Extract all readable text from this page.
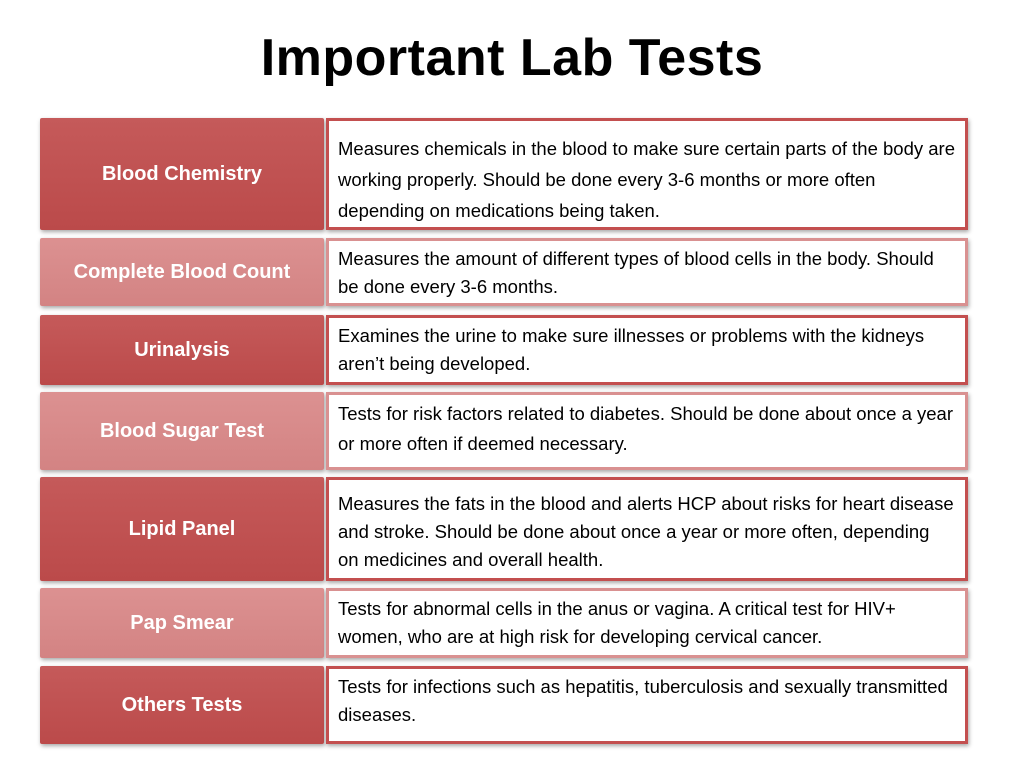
Important Lab Tests
Blood Chemistry
Measures chemicals in the blood to make sure certain parts of the body are working properly. Should be done every 3-6 months or more often depending on medications being taken.
Complete Blood Count
Measures the amount of different types of blood cells in the body. Should be done every 3-6 months.
Urinalysis
Examines the urine to make sure illnesses or problems with the kidneys aren’t being developed.
Blood Sugar Test
Tests for risk factors related to diabetes. Should be done about once a year or more often if deemed necessary.
Lipid Panel
Measures the fats in the blood and alerts HCP about risks for heart disease and stroke. Should be done about once a year or more often, depending on medicines and overall health.
Pap Smear
Tests for abnormal cells in the anus or vagina. A critical test for HIV+ women, who are at high risk for developing cervical cancer.
Others Tests
Tests for infections such as hepatitis, tuberculosis and sexually transmitted diseases.
